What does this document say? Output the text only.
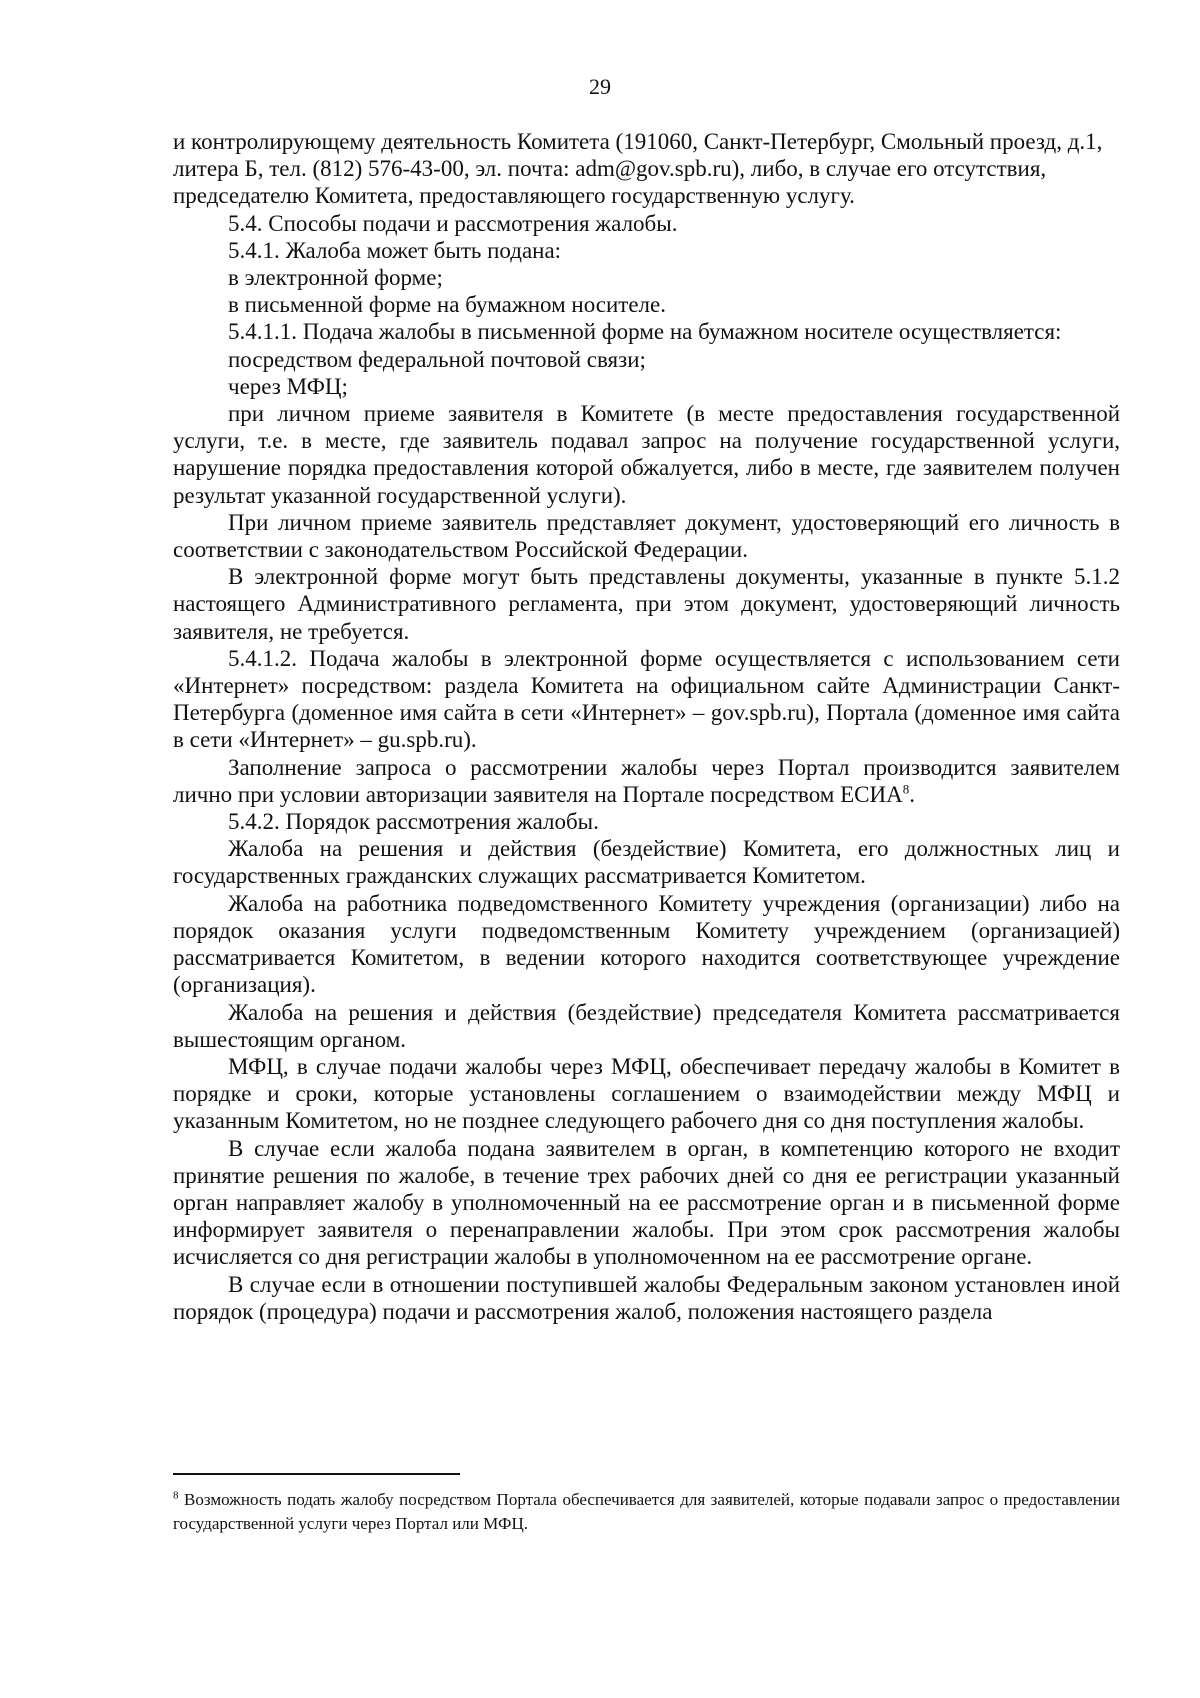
29

и контролирующему деятельность Комитета (191060, Санкт-Петербург, Смольный проезд, д.1, литера Б, тел. (812) 576-43-00, эл. почта: adm@gov.spb.ru), либо, в случае его отсутствия, председателю Комитета, предоставляющего государственную услугу.

5.4. Способы подачи и рассмотрения жалобы.

5.4.1. Жалоба может быть подана:

в электронной форме;

в письменной форме на бумажном носителе.

5.4.1.1. Подача жалобы в письменной форме на бумажном носителе осуществляется:

посредством федеральной почтовой связи;

через МФЦ;

при личном приеме заявителя в Комитете (в месте предоставления государственной услуги, т.е. в месте, где заявитель подавал запрос на получение государственной услуги, нарушение порядка предоставления которой обжалуется, либо в месте, где заявителем получен результат указанной государственной услуги).

При личном приеме заявитель представляет документ, удостоверяющий его личность в соответствии с законодательством Российской Федерации.

В электронной форме могут быть представлены документы, указанные в пункте 5.1.2 настоящего Административного регламента, при этом документ, удостоверяющий личность заявителя, не требуется.

5.4.1.2. Подача жалобы в электронной форме осуществляется с использованием сети «Интернет» посредством: раздела Комитета на официальном сайте Администрации Санкт-Петербурга (доменное имя сайта в сети «Интернет» – gov.spb.ru), Портала (доменное имя сайта в сети «Интернет» – gu.spb.ru).

Заполнение запроса о рассмотрении жалобы через Портал производится заявителем лично при условии авторизации заявителя на Портале посредством ЕСИА$^8$.

5.4.2. Порядок рассмотрения жалобы.

Жалоба на решения и действия (бездействие) Комитета, его должностных лиц и государственных гражданских служащих рассматривается Комитетом.

Жалоба на работника подведомственного Комитету учреждения (организации) либо на порядок оказания услуги подведомственным Комитету учреждением (организацией) рассматривается Комитетом, в ведении которого находится соответствующее учреждение (организация).

Жалоба на решения и действия (бездействие) председателя Комитета рассматривается вышестоящим органом.

МФЦ, в случае подачи жалобы через МФЦ, обеспечивает передачу жалобы в Комитет в порядке и сроки, которые установлены соглашением о взаимодействии между МФЦ и указанным Комитетом, но не позднее следующего рабочего дня со дня поступления жалобы.

В случае если жалоба подана заявителем в орган, в компетенцию которого не входит принятие решения по жалобе, в течение трех рабочих дней со дня ее регистрации указанный орган направляет жалобу в уполномоченный на ее рассмотрение орган и в письменной форме информирует заявителя о перенаправлении жалобы. При этом срок рассмотрения жалобы исчисляется со дня регистрации жалобы в уполномоченном на ее рассмотрение органе.

В случае если в отношении поступившей жалобы Федеральным законом установлен иной порядок (процедура) подачи и рассмотрения жалоб, положения настоящего раздела

$^8$ Возможность подать жалобу посредством Портала обеспечивается для заявителей, которые подавали запрос о предоставлении государственной услуги через Портал или МФЦ.
